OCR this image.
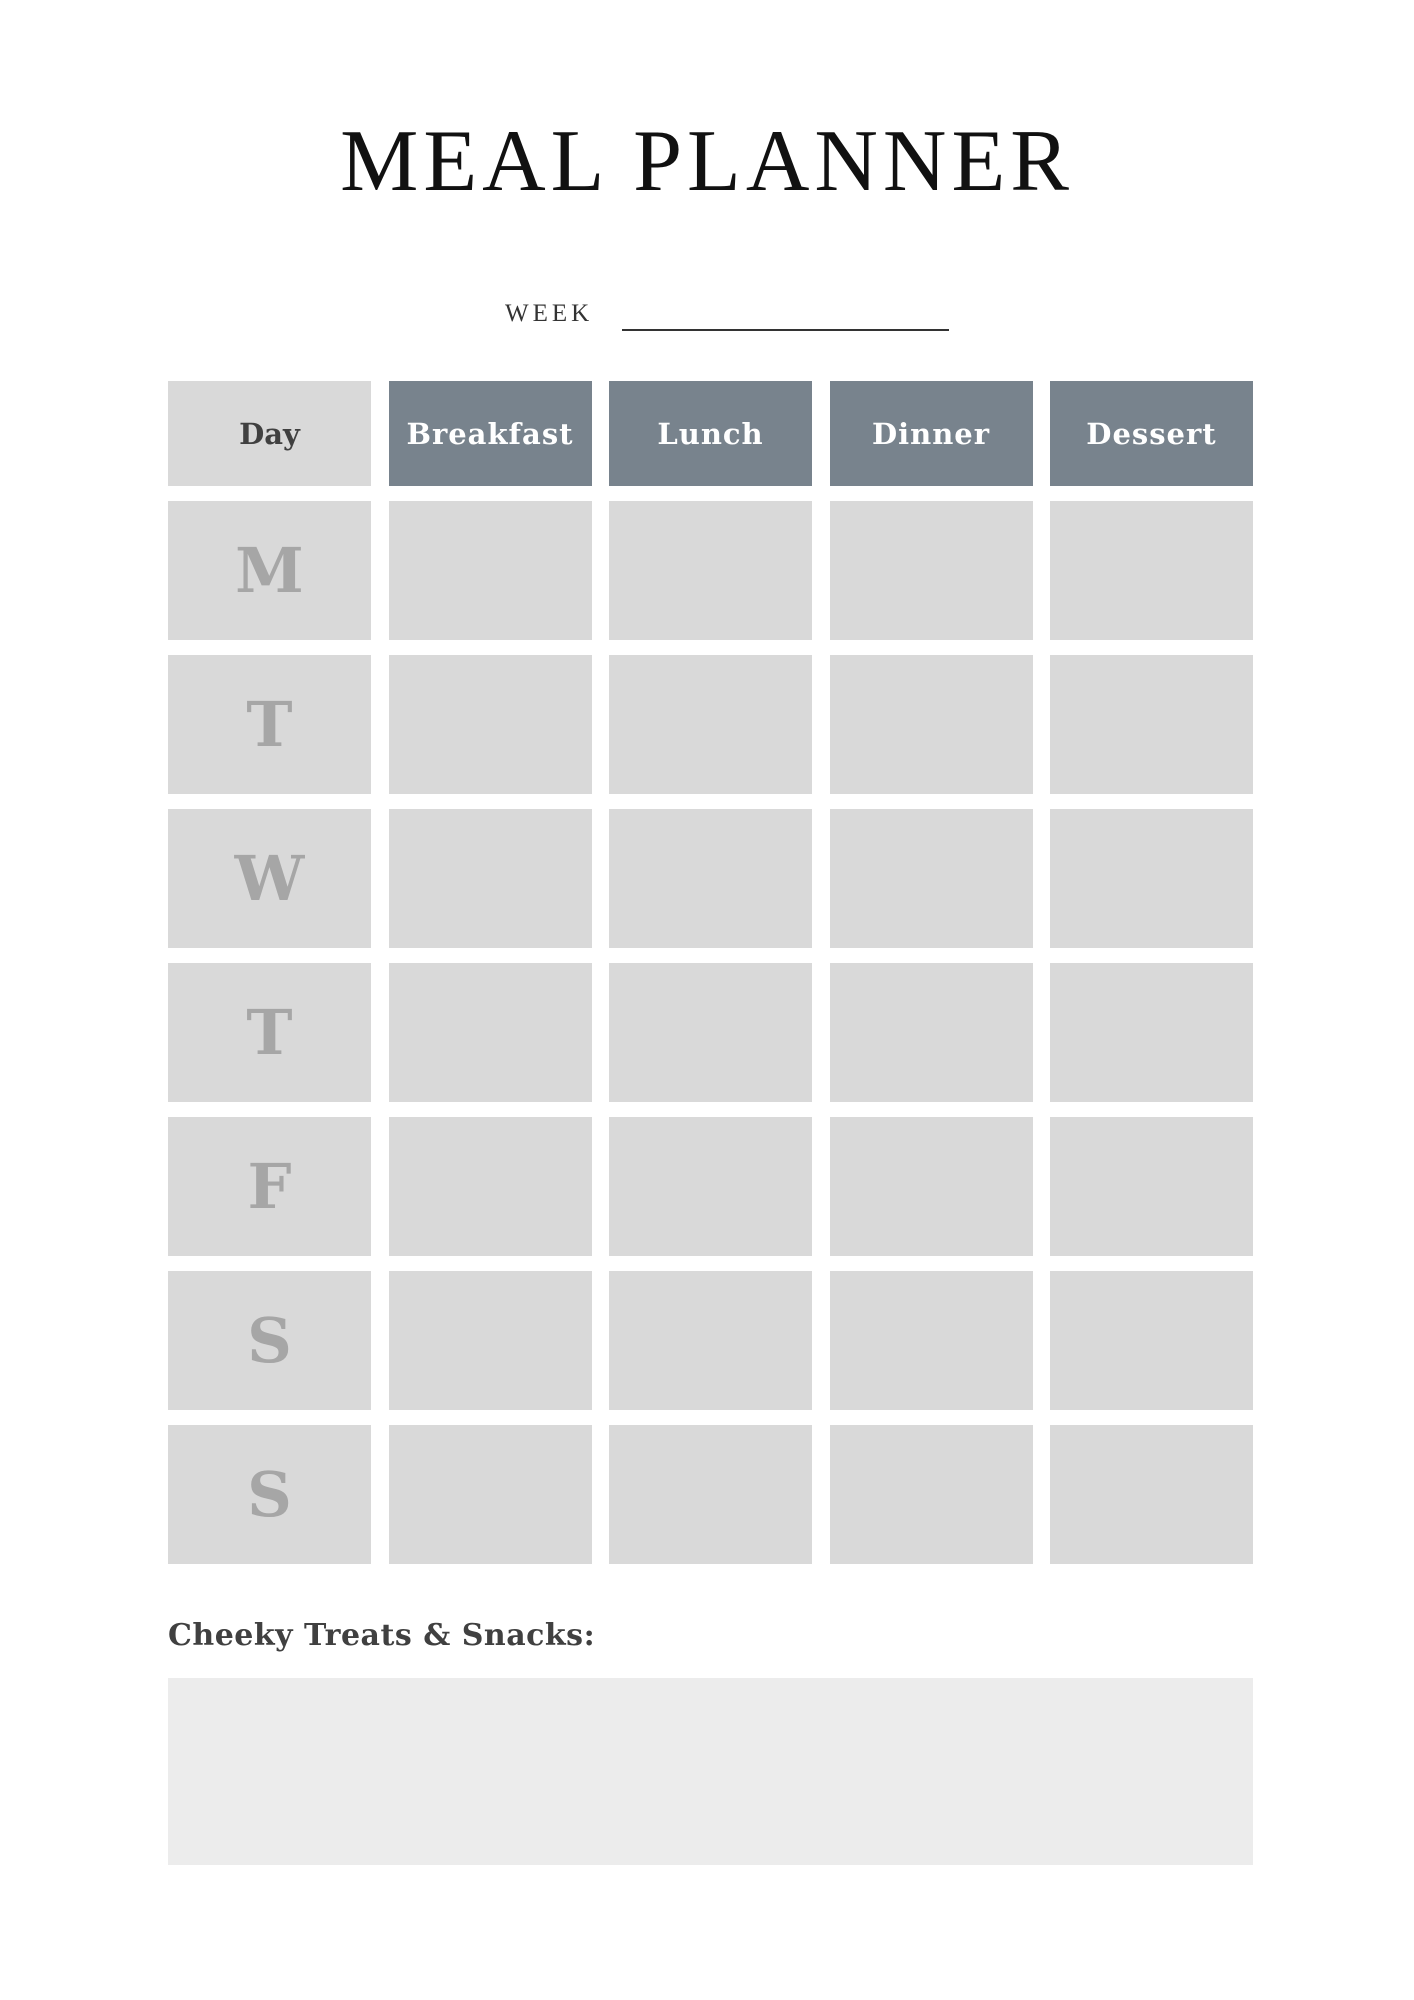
MEAL PLANNER
WEEK
Day	Breakfast	Lunch	Dinner	Dessert
M
T
W
T
F
S
S
Cheeky Treats & Snacks:
